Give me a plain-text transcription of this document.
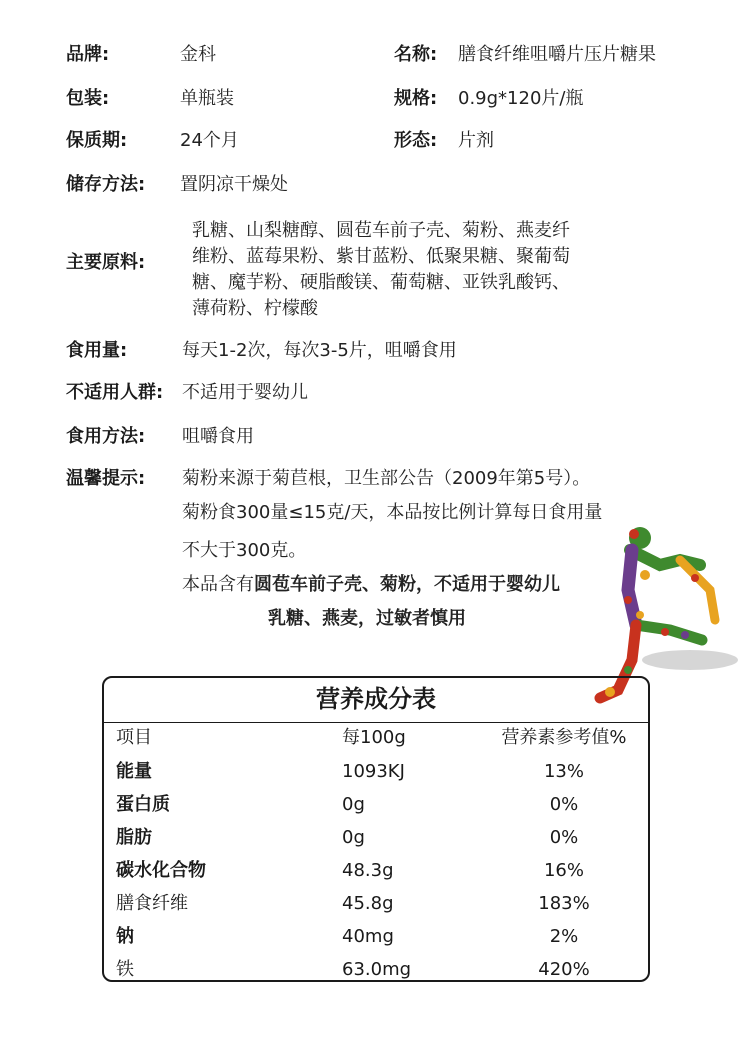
品牌:	金科	名称: 膳食纤维咀嚼片压片糖果
包装:	单瓶装	规格: 0.9g*120片/瓶
保质期:	24个月	形态: 片剂
储存方法: 置阴凉干燥处
主要原料:
乳糖、山梨糖醇、圆苞车前子壳、菊粉、燕麦纤
维粉、蓝莓果粉、紫甘蓝粉、低聚果糖、聚葡萄
糖、魔芋粉、硬脂酸镁、葡萄糖、亚铁乳酸钙、
薄荷粉、柠檬酸
食用量:	每天1-2次，每次3-5片，咀嚼食用
不适用人群: 不适用于婴幼儿
食用方法: 咀嚼食用
温馨提示: 菊粉来源于菊苣根，卫生部公告（2009年第5号）。
菊粉食300量≤15克/天，本品按比例计算每日食用量
不大于300克。
本品含有圆苞车前子壳、菊粉，不适用于婴幼儿
乳糖、燕麦，过敏者慎用
营养成分表
项目	每100g	营养素参考值%
能量	1093KJ	13%
蛋白质	0g	0%
脂肪	0g	0%
碳水化合物	48.3g	16%
膳食纤维	45.8g	183%
钠	40mg	2%
铁	63.0mg	420%
